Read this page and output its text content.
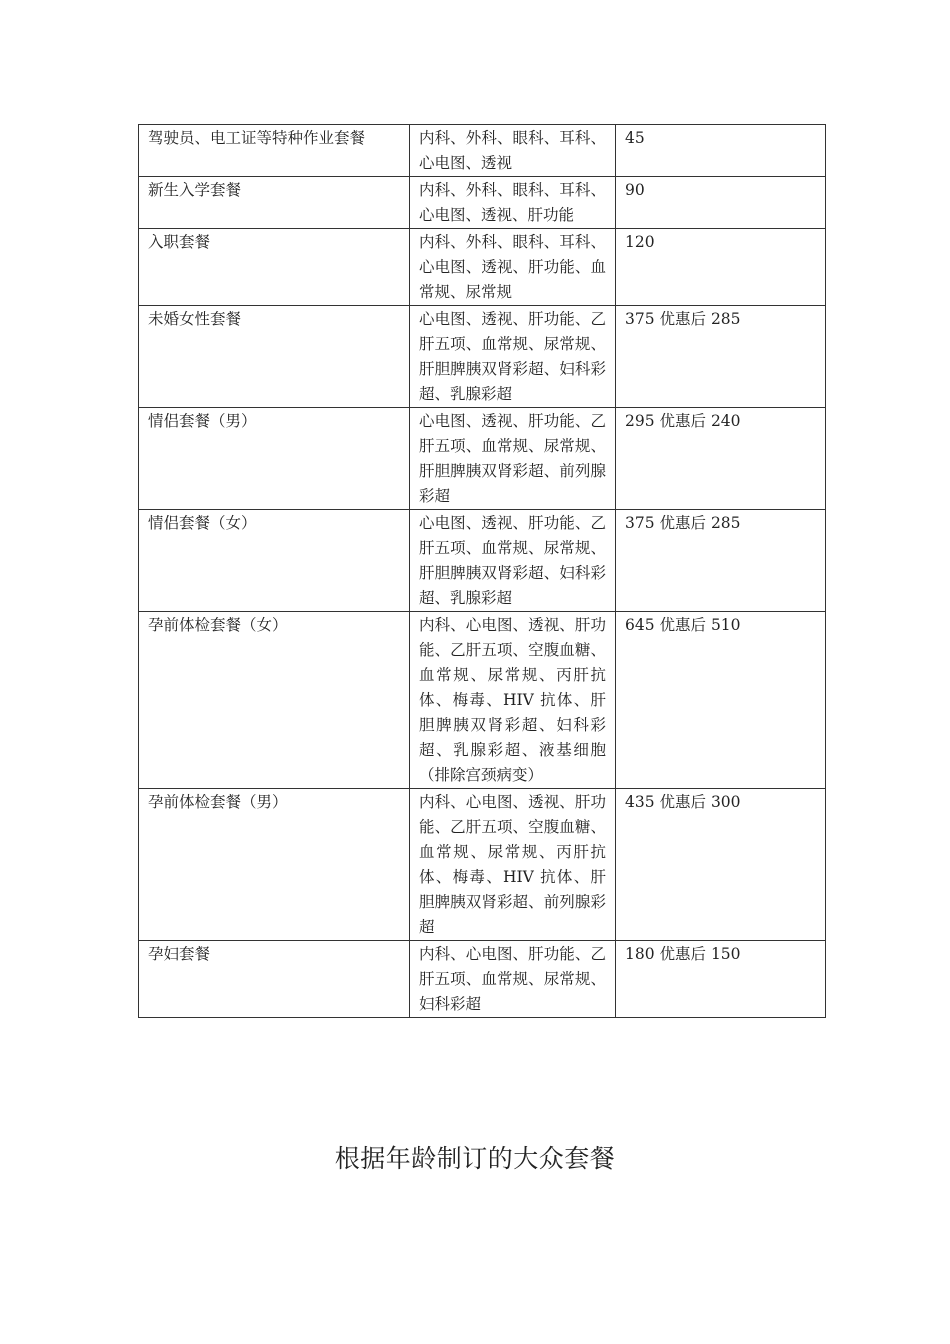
驾驶员、电工证等特种作业套餐	内科、外科、眼科、耳科、心电图、透视	45
新生入学套餐	内科、外科、眼科、耳科、心电图、透视、肝功能	90
入职套餐	内科、外科、眼科、耳科、心电图、透视、肝功能、血常规、尿常规	120
未婚女性套餐	心电图、透视、肝功能、乙肝五项、血常规、尿常规、肝胆脾胰双肾彩超、妇科彩超、乳腺彩超	375 优惠后 285
情侣套餐（男）	心电图、透视、肝功能、乙肝五项、血常规、尿常规、肝胆脾胰双肾彩超、前列腺彩超	295 优惠后 240
情侣套餐（女）	心电图、透视、肝功能、乙肝五项、血常规、尿常规、肝胆脾胰双肾彩超、妇科彩超、乳腺彩超	375 优惠后 285
孕前体检套餐（女）	内科、心电图、透视、肝功能、乙肝五项、空腹血糖、血常规、尿常规、丙肝抗体、梅毒、HIV 抗体、肝胆脾胰双肾彩超、妇科彩超、乳腺彩超、液基细胞（排除宫颈病变）	645 优惠后 510
孕前体检套餐（男）	内科、心电图、透视、肝功能、乙肝五项、空腹血糖、血常规、尿常规、丙肝抗体、梅毒、HIV 抗体、肝胆脾胰双肾彩超、前列腺彩超	435 优惠后 300
孕妇套餐	内科、心电图、肝功能、乙肝五项、血常规、尿常规、妇科彩超	180 优惠后 150
根据年龄制订的大众套餐
